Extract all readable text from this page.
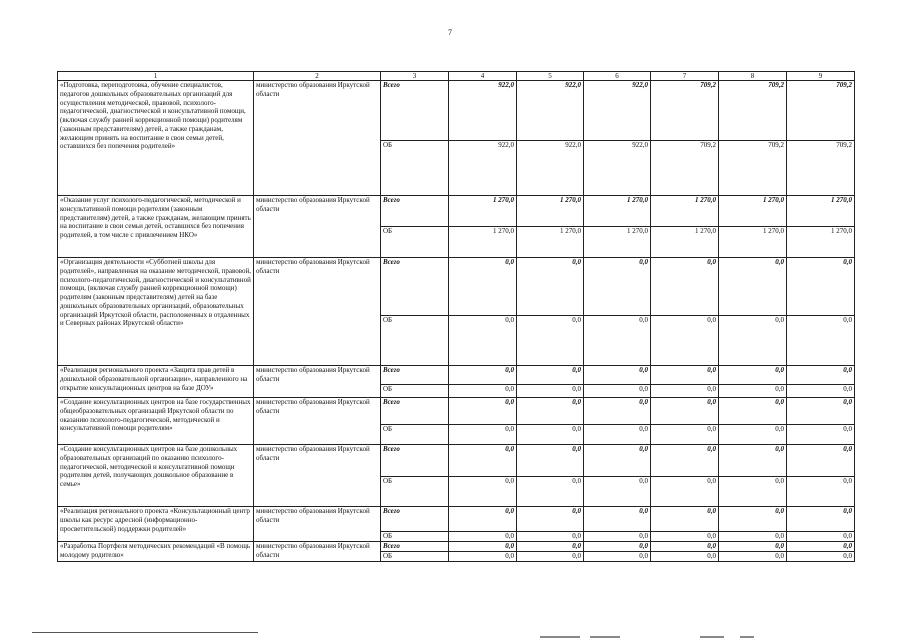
7
1	2	3	4	5	6	7	8	9
«Подготовка, переподготовка, обучение специалистов, педагогов дошкольных образовательных организаций для осуществления методической, правовой, психолого-педагогической, диагностической и консультативной помощи, (включая службу ранней коррекционной помощи) родителям (законным представителям) детей, а также гражданам, желающим принять на воспитание в свои семьи детей, оставшихся без попечения родителей»	министерство образования Иркутской области	Всего	922,0	922,0	922,0	709,2	709,2	709,2
		ОБ	922,0	922,0	922,0	709,2	709,2	709,2
«Оказание услуг психолого-педагогической, методической и консультативной помощи родителям (законным представителям) детей, а также гражданам, желающим принять на воспитание в свои семьи детей, оставшихся без попечения родителей, в том числе с привлечением НКО»	министерство образования Иркутской области	Всего	1 270,0	1 270,0	1 270,0	1 270,0	1 270,0	1 270,0
		ОБ	1 270,0	1 270,0	1 270,0	1 270,0	1 270,0	1 270,0
«Организация деятельности «Субботней школы для родителей», направленная на оказание методической, правовой, психолого-педагогической, диагностической и консультативной помощи, (включая службу ранней коррекционной помощи) родителям (законным представителям) детей на базе дошкольных образовательных организаций, образовательных организаций Иркутской области, расположенных в отдаленных и Северных районах Иркутской области»	министерство образования Иркутской области	Всего	0,0	0,0	0,0	0,0	0,0	0,0
		ОБ	0,0	0,0	0,0	0,0	0,0	0,0
«Реализация регионального проекта «Защита прав детей в дошкольной образовательной организации», направленного на открытие консультационных центров на базе ДОУ»	министерство образования Иркутской области	Всего	0,0	0,0	0,0	0,0	0,0	0,0
		ОБ	0,0	0,0	0,0	0,0	0,0	0,0
«Создание консультационных центров на базе государственных общеобразовательных организаций Иркутской области по оказанию психолого-педагогической, методической и консультативной помощи родителям»	министерство образования Иркутской области	Всего	0,0	0,0	0,0	0,0	0,0	0,0
		ОБ	0,0	0,0	0,0	0,0	0,0	0,0
«Создание консультационных центров на базе дошкольных образовательных организаций по оказанию психолого-педагогической, методической и консультативной помощи родителям детей, получающих дошкольное образование в семье»	министерство образования Иркутской области	Всего	0,0	0,0	0,0	0,0	0,0	0,0
		ОБ	0,0	0,0	0,0	0,0	0,0	0,0
«Реализация регионального проекта «Консультационный центр школы как ресурс адресной (информационно-просветительской) поддержки родителей»	министерство образования Иркутской области	Всего	0,0	0,0	0,0	0,0	0,0	0,0
		ОБ	0,0	0,0	0,0	0,0	0,0	0,0
«Разработка Портфеля методических рекомендаций «В помощь молодому родителю»	министерство образования Иркутской области	Всего	0,0	0,0	0,0	0,0	0,0	0,0
		ОБ	0,0	0,0	0,0	0,0	0,0	0,0
